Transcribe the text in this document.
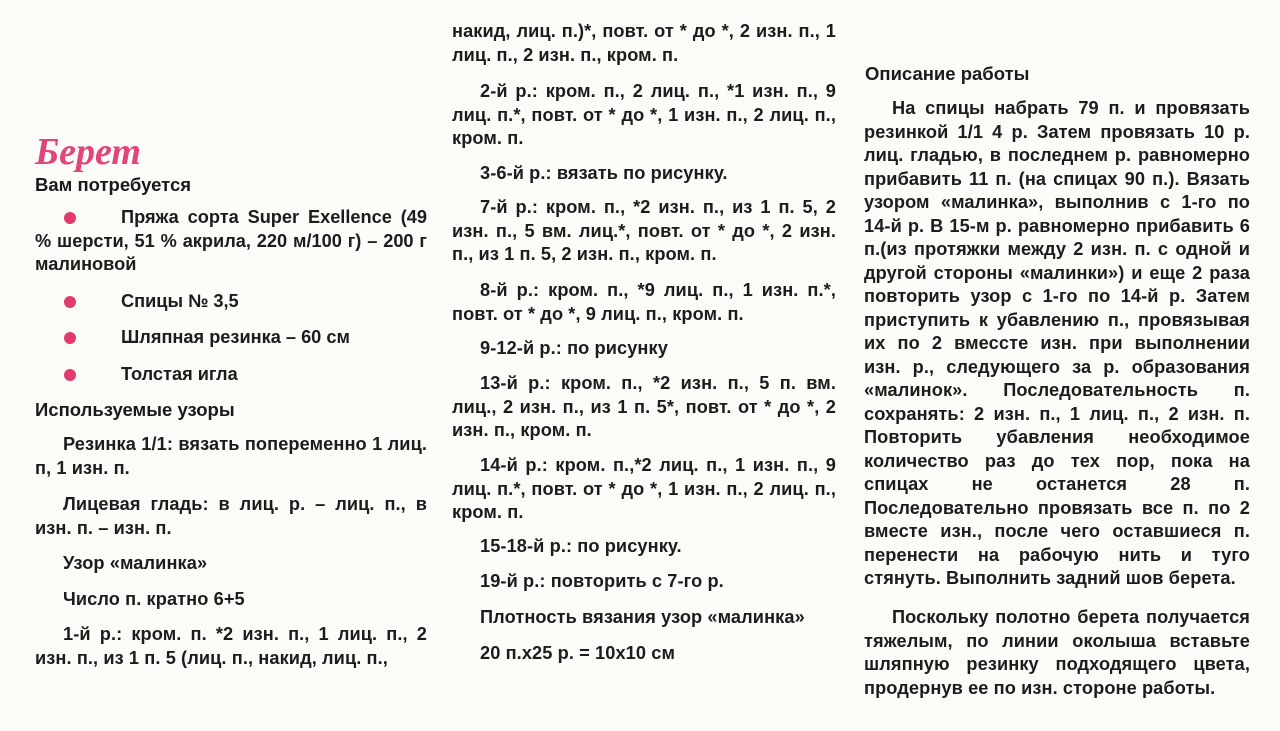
Берет
Вам потребуется
Пряжа сорта Super Exellence (49 % шерсти, 51 % акрила, 220 м/100 г) – 200 г малиновой
Спицы № 3,5
Шляпная резинка – 60 см
Толстая игла
Используемые узоры

Резинка 1/1: вязать попеременно 1 лиц. п, 1 изн. п.

Лицевая гладь: в лиц. р. – лиц. п., в изн. п. – изн. п.

Узор «малинка»

Число п. кратно 6+5

1-й р.: кром. п. *2 изн. п., 1 лиц. п., 2 изн. п., из 1 п. 5 (лиц. п., накид, лиц. п.,

накид, лиц. п.)*, повт. от * до *, 2 изн. п., 1 лиц. п., 2 изн. п., кром. п.

2-й р.: кром. п., 2 лиц. п., *1 изн. п., 9 лиц. п.*, повт. от * до *, 1 изн. п., 2 лиц. п., кром. п.

3-6-й р.: вязать по рисунку.

7-й р.: кром. п., *2 изн. п., из 1 п. 5, 2 изн. п., 5 вм. лиц.*, повт. от * до *, 2 изн. п., из 1 п. 5, 2 изн. п., кром. п.

8-й р.: кром. п., *9 лиц. п., 1 изн. п.*, повт. от * до *, 9 лиц. п., кром. п.

9-12-й р.: по рисунку

13-й р.: кром. п., *2 изн. п., 5 п. вм. лиц., 2 изн. п., из 1 п. 5*, повт. от * до *, 2 изн. п., кром. п.

14-й р.: кром. п.,*2 лиц. п., 1 изн. п., 9 лиц. п.*, повт. от * до *, 1 изн. п., 2 лиц. п., кром. п.

15-18-й р.: по рисунку.

19-й р.: повторить с 7-го р.

Плотность вязания узор «малинка»

20 п.х25 р. = 10х10 см

Описание работы

На спицы набрать 79 п. и провязать резинкой 1/1 4 р. Затем провязать 10 р. лиц. гладью, в последнем р. равномерно прибавить 11 п. (на спицах 90 п.). Вязать узором «малинка», выполнив с 1-го по 14-й р. В 15-м р. равномерно прибавить 6 п.(из протяжки между 2 изн. п. с одной и другой стороны «малинки») и еще 2 раза повторить узор с 1-го по 14-й р. Затем приступить к убавлению п., провязывая их по 2 вмесcте изн. при выполнении изн. р., следующего за р. образования «малинок». Последовательность п. сохранять: 2 изн. п., 1 лиц. п., 2 изн. п. Повторить убавления необходимое количество раз до тех пор, пока на спицах не останется 28 п. Последовательно провязать все п. по 2 вместе изн., после чего оставшиеся п. перенести на рабочую нить и туго стянуть. Выполнить задний шов берета.

Поскольку полотно берета получается тяжелым, по линии околыша вставьте шляпную резинку подходящего цвета, продернув ее по изн. стороне работы.
